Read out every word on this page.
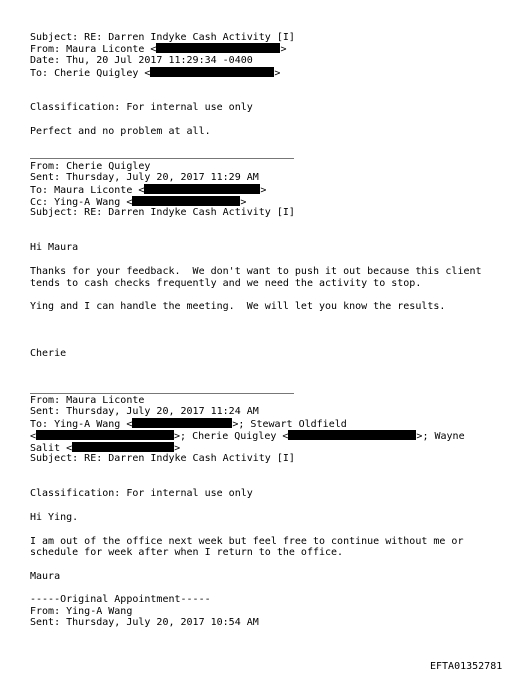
Subject: RE: Darren Indyke Cash Activity [I]
From: Maura Liconte <	>
Date: Thu, 20 Jul 2017 11:29:34 -0400
To: Cherie Quigley <	>
Classification: For internal use only
Perfect and no problem at all.
From: Cherie Quigley
Sent: Thursday, July 20, 2017 11:29 AM
To: Maura Liconte <	>
Cc: Ying-A Wang <	>
Subject: RE: Darren Indyke Cash Activity [I]
Hi Maura
Thanks for your feedback.  We don't want to push it out because this client
tends to cash checks frequently and we need the activity to stop.
Ying and I can handle the meeting.  We will let you know the results.
Cherie
From: Maura Liconte
Sent: Thursday, July 20, 2017 11:24 AM
To: Ying-A Wang <	>; Stewart Oldfield
<	>; Cherie Quigley <	>; Wayne
Salit <	>
Subject: RE: Darren Indyke Cash Activity [I]
Classification: For internal use only
Hi Ying.
I am out of the office next week but feel free to continue without me or
schedule for week after when I return to the office.
Maura
-----Original Appointment-----
From: Ying-A Wang
Sent: Thursday, July 20, 2017 10:54 AM
EFTA01352781
